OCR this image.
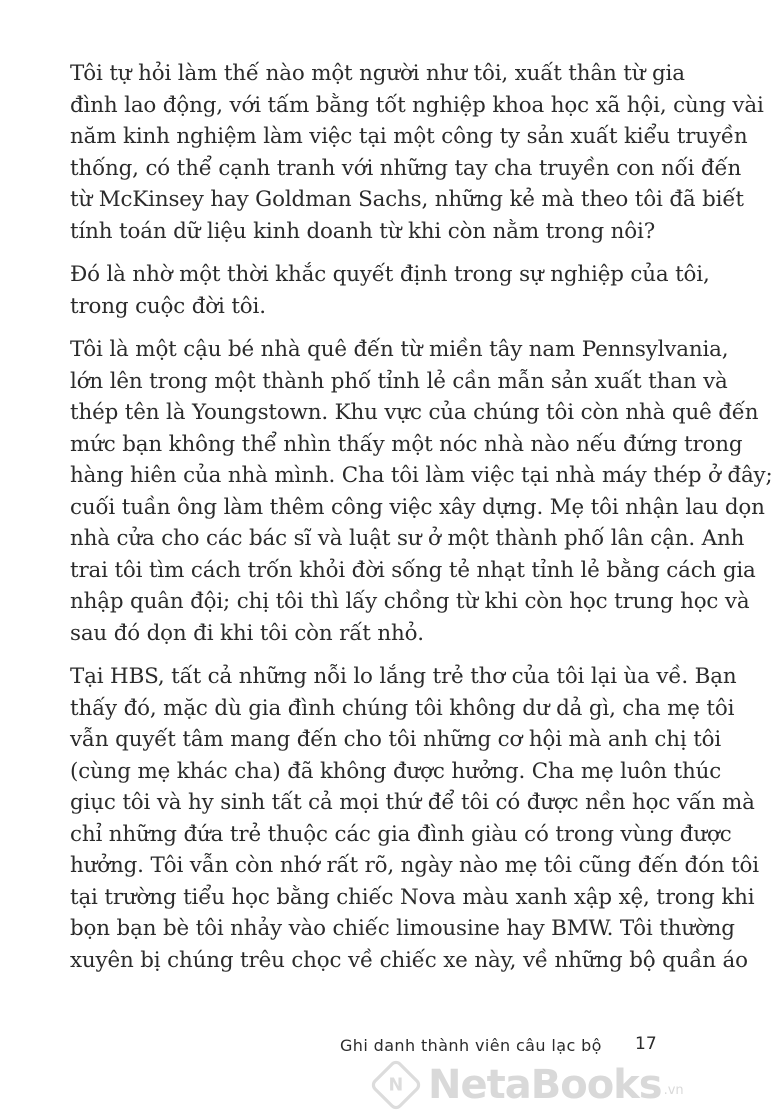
Tôi tự hỏi làm thế nào một người như tôi, xuất thân từ gia
đình lao động, với tấm bằng tốt nghiệp khoa học xã hội, cùng vài
năm kinh nghiệm làm việc tại một công ty sản xuất kiểu truyền
thống, có thể cạnh tranh với những tay cha truyền con nối đến
từ McKinsey hay Goldman Sachs, những kẻ mà theo tôi đã biết
tính toán dữ liệu kinh doanh từ khi còn nằm trong nôi?
Đó là nhờ một thời khắc quyết định trong sự nghiệp của tôi,
trong cuộc đời tôi.
Tôi là một cậu bé nhà quê đến từ miền tây nam Pennsylvania,
lớn lên trong một thành phố tỉnh lẻ cần mẫn sản xuất than và
thép tên là Youngstown. Khu vực của chúng tôi còn nhà quê đến
mức bạn không thể nhìn thấy một nóc nhà nào nếu đứng trong
hàng hiên của nhà mình. Cha tôi làm việc tại nhà máy thép ở đây;
cuối tuần ông làm thêm công việc xây dựng. Mẹ tôi nhận lau dọn
nhà cửa cho các bác sĩ và luật sư ở một thành phố lân cận. Anh
trai tôi tìm cách trốn khỏi đời sống tẻ nhạt tỉnh lẻ bằng cách gia
nhập quân đội; chị tôi thì lấy chồng từ khi còn học trung học và
sau đó dọn đi khi tôi còn rất nhỏ.
Tại HBS, tất cả những nỗi lo lắng trẻ thơ của tôi lại ùa về. Bạn
thấy đó, mặc dù gia đình chúng tôi không dư dả gì, cha mẹ tôi
vẫn quyết tâm mang đến cho tôi những cơ hội mà anh chị tôi
(cùng mẹ khác cha) đã không được hưởng. Cha mẹ luôn thúc
giục tôi và hy sinh tất cả mọi thứ để tôi có được nền học vấn mà
chỉ những đứa trẻ thuộc các gia đình giàu có trong vùng được
hưởng. Tôi vẫn còn nhớ rất rõ, ngày nào mẹ tôi cũng đến đón tôi
tại trường tiểu học bằng chiếc Nova màu xanh xập xệ, trong khi
bọn bạn bè tôi nhảy vào chiếc limousine hay BMW. Tôi thường
xuyên bị chúng trêu chọc về chiếc xe này, về những bộ quần áo
Ghi danh thành viên câu lạc bộ 17
N NetaBooks .vn
